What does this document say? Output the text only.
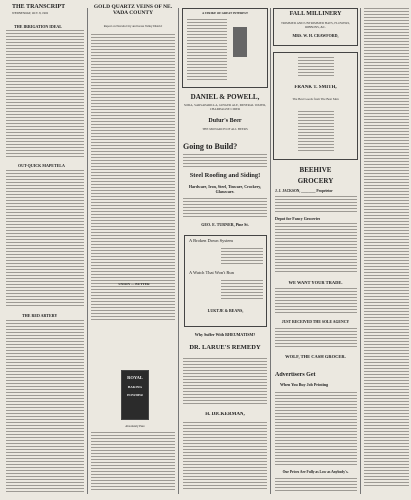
THE TRANSCRIPT
WEDNESDAY, OCT. 8, 1902
THE IRRIGATION IDEAL
OUT-QUICK MAPETELA
THE RED ARTERY
GOLD QUARTZ VEINS OF NE. VADA COUNTY
Report on Nevada City and Grass Valley District
UNION — BUTTER
ROYAL
BAKING
POWDER
Absolutely Pure
A STRIKE OF GREAT INTEREST
DANIEL & POWELL,
SODA, SARSAPARILLA, GINGER ALE, MINERAL WATER, CHAMPAGNE CIDER
Dufur's Beer
THE MONARCH OF ALL BEERS
Going to Build?
Steel Roofing and Siding!
Hardware, Iron, Steel, Tinware, Crockery, Glassware.
GEO. E. TURNER, Pine St.
A Broken Down System
A Watch That Won't Run
LUKTJE & BEANS,
Why Suffer With RHEUMATISM?
DR. LARUE'S REMEDY
H. DICKERMAN,
FALL MILLINERY
TRIMMED AND UNTRIMMED HATS, FLOWERS, RIBBONS, &C.
MRS. W. H. CRAWFORD,
FRANK T. SMITH,
The Best Goods from The Best Men
BEEHIVE
GROCERY
J. J. JACKSON, ________ Proprietor
Depot for Fancy Groceries
WE WANT YOUR TRADE.
JUST RECEIVED THE SOLE AGENCY
WOLF, THE CASH GROCER.
Advertisers Get
When You Buy Job Printing
Our Prices Are Fully as Low as Anybody's.
